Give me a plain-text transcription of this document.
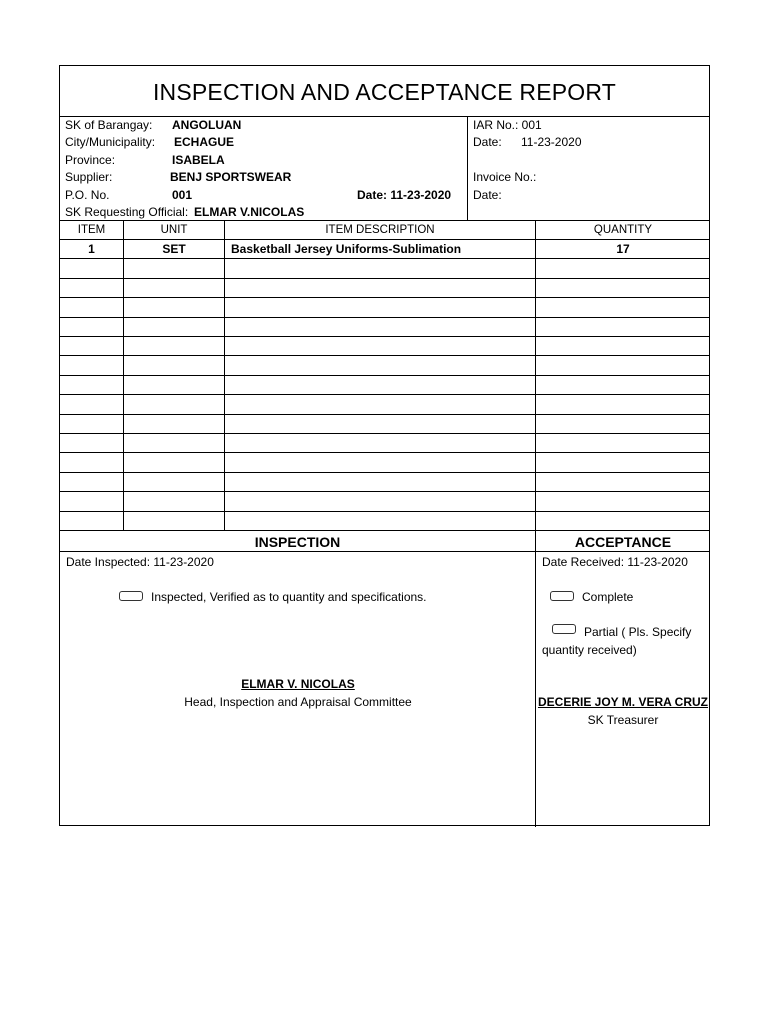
INSPECTION AND ACCEPTANCE REPORT
SK of Barangay: ANGOLUAN
City/Municipality: ECHAGUE
Province:	ISABELA
Supplier:	BENJ SPORTSWEAR
P.O. No.	001	Date: 11-23-2020
SK Requesting Official: ELMAR V.NICOLAS
IAR No.: 001
Date: 11-23-2020
Invoice No.:
Date:
ITEM	UNIT	ITEM DESCRIPTION	QUANTITY
1	SET	Basketball Jersey Uniforms-Sublimation	17
INSPECTION
Date Inspected: 11-23-2020
Inspected, Verified as to quantity and specifications.
ELMAR V. NICOLAS
Head, Inspection and Appraisal Committee
ACCEPTANCE
Date Received: 11-23-2020
Complete
Partial ( Pls. Specify
quantity received)
DECERIE JOY M. VERA CRUZ
SK Treasurer
